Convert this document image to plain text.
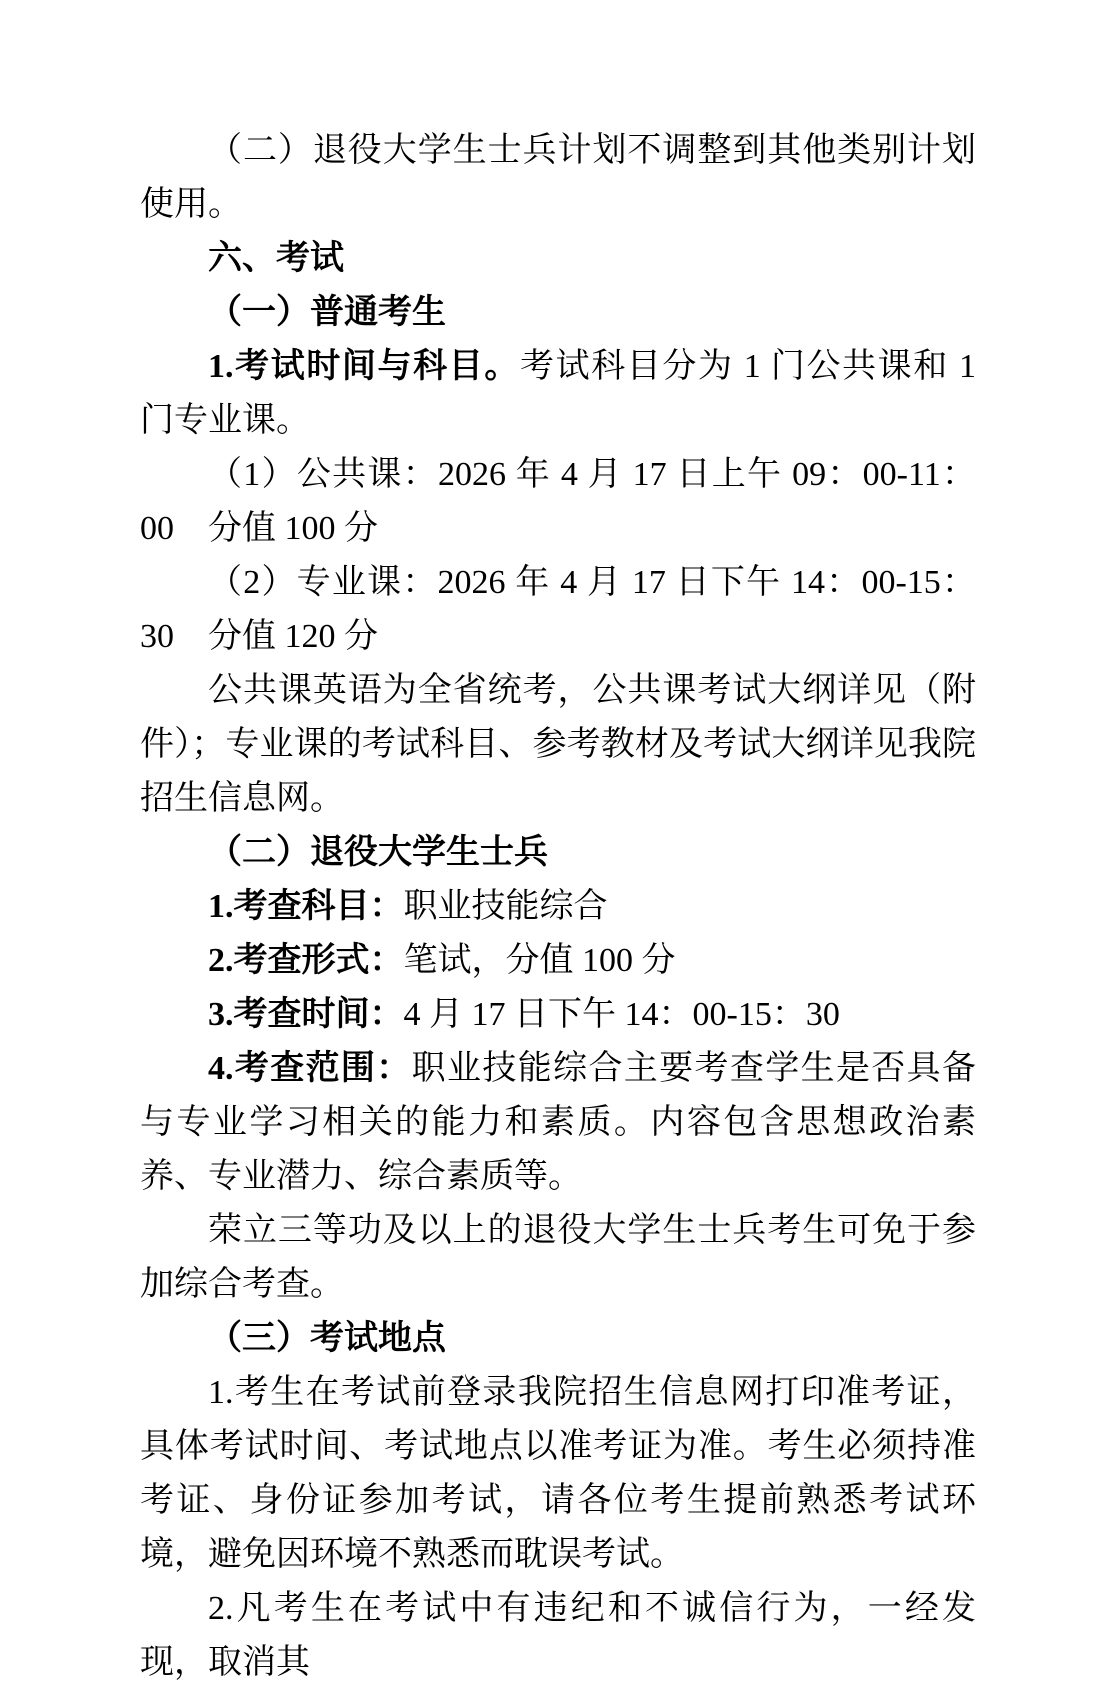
（二）退役大学生士兵计划不调整到其他类别计划使用。

六、考试

（一）普通考生

1.考试时间与科目。考试科目分为 1 门公共课和 1 门专业课。

（1）公共课：2026 年 4 月 17 日上午 09：00-11：00　分值 100 分

（2）专业课：2026 年 4 月 17 日下午 14：00-15：30　分值 120 分

公共课英语为全省统考，公共课考试大纲详见（附件）；专业课的考试科目、参考教材及考试大纲详见我院招生信息网。

（二）退役大学生士兵

1.考查科目：职业技能综合

2.考查形式：笔试，分值 100 分

3.考查时间：4 月 17 日下午 14：00-15：30

4.考查范围：职业技能综合主要考查学生是否具备与专业学习相关的能力和素质。内容包含思想政治素养、专业潜力、综合素质等。

荣立三等功及以上的退役大学生士兵考生可免于参加综合考查。

（三）考试地点

1.考生在考试前登录我院招生信息网打印准考证，具体考试时间、考试地点以准考证为准。考生必须持准考证、身份证参加考试，请各位考生提前熟悉考试环境，避免因环境不熟悉而耽误考试。

2.凡考生在考试中有违纪和不诚信行为，一经发现，取消其
